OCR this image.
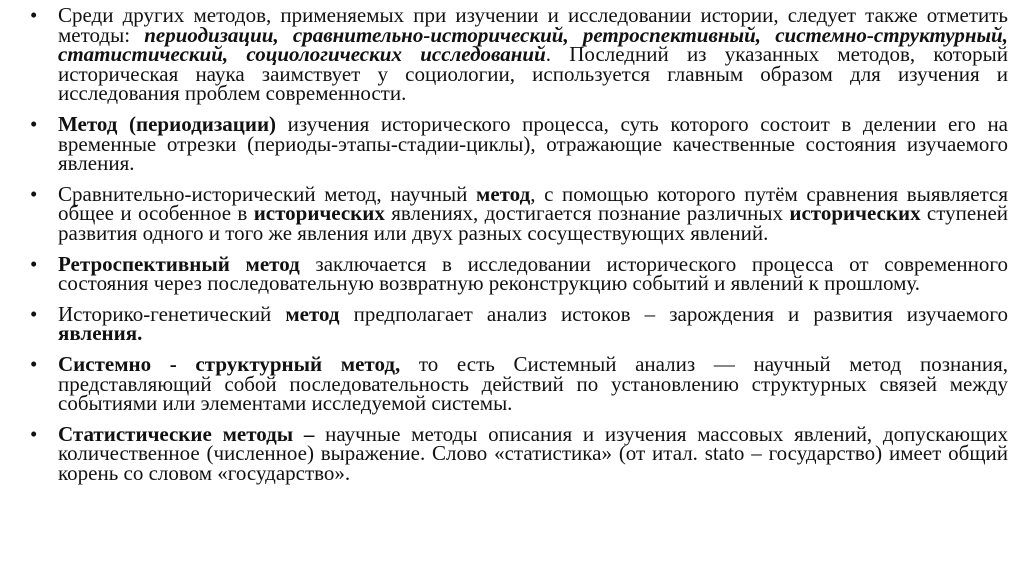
• Среди других методов, применяемых при изучении и исследовании истории, следует также отметить методы: периодизации, сравнительно-исторический, ретроспективный, системно-структурный, статистический, социологических исследований. Последний из указанных методов, который историческая наука заимствует у социологии, используется главным образом для изучения и исследования проблем современности.
• Метод (периодизации) изучения исторического процесса, суть которого состоит в делении его на временные отрезки (периоды-этапы-стадии-циклы), отражающие качественные состояния изучаемого явления.
• Сравнительно-исторический метод, научный метод, с помощью которого путём сравнения выявляется общее и особенное в исторических явлениях, достигается познание различных исторических ступеней развития одного и того же явления или двух разных сосуществующих явлений.
• Ретроспективный метод заключается в исследовании исторического процесса от современного состояния через последовательную возвратную реконструкцию событий и явлений к прошлому.
• Историко-генетический метод предполагает анализ истоков – зарождения и развития изучаемого явления.
• Системно - структурный метод, то есть Системный анализ — научный метод познания, представляющий собой последовательность действий по установлению структурных связей между событиями или элементами исследуемой системы.
• Статистические методы – научные методы описания и изучения массовых явлений, допускающих количественное (численное) выражение. Слово «статистика» (от итал. stato – государство) имеет общий корень со словом «государство».
